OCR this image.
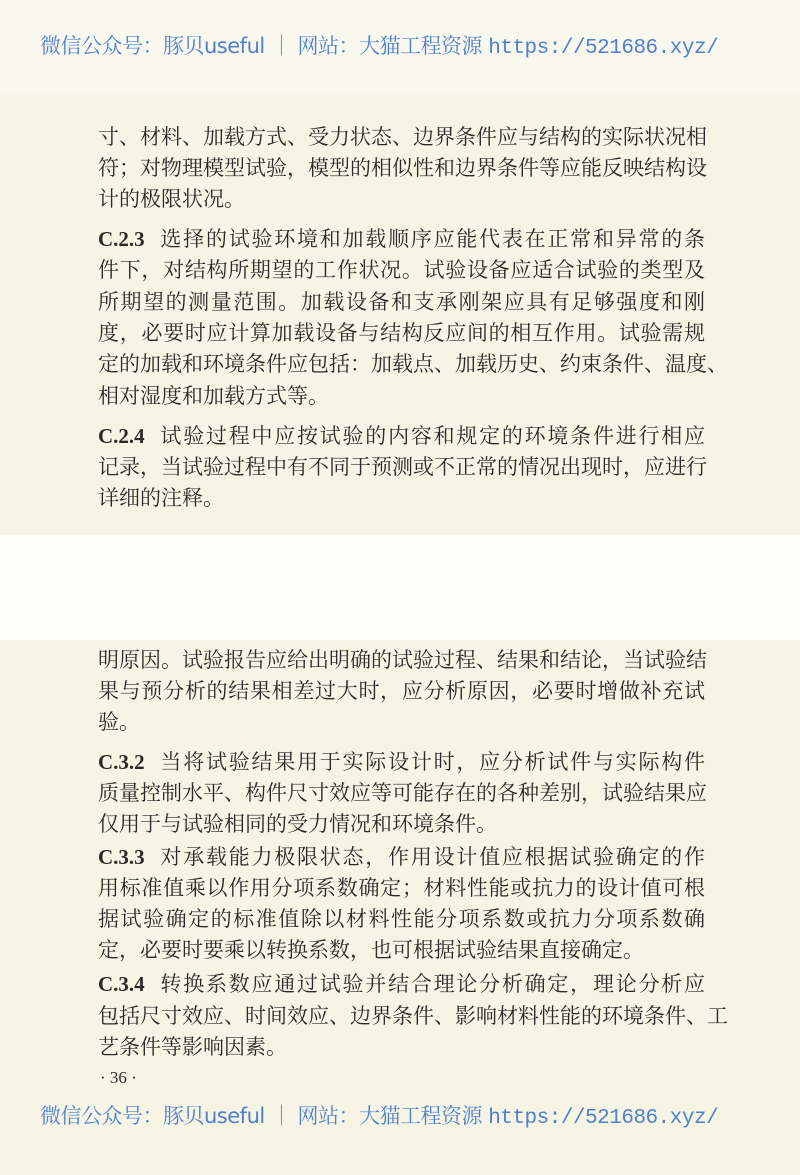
微信公众号：豚贝useful ｜ 网站：大猫工程资源 https://521686.xyz/
寸、材料、加载方式、受力状态、边界条件应与结构的实际状况相
符；对物理模型试验，模型的相似性和边界条件等应能反映结构设
计的极限状况。
C.2.3 选择的试验环境和加载顺序应能代表在正常和异常的条
件下，对结构所期望的工作状况。试验设备应适合试验的类型及
所期望的测量范围。加载设备和支承刚架应具有足够强度和刚
度，必要时应计算加载设备与结构反应间的相互作用。试验需规
定的加载和环境条件应包括：加载点、加载历史、约束条件、温度、
相对湿度和加载方式等。
C.2.4 试验过程中应按试验的内容和规定的环境条件进行相应
记录，当试验过程中有不同于预测或不正常的情况出现时，应进行
详细的注释。
明原因。试验报告应给出明确的试验过程、结果和结论，当试验结
果与预分析的结果相差过大时，应分析原因，必要时增做补充试
验。
C.3.2 当将试验结果用于实际设计时，应分析试件与实际构件
质量控制水平、构件尺寸效应等可能存在的各种差别，试验结果应
仅用于与试验相同的受力情况和环境条件。
C.3.3 对承载能力极限状态，作用设计值应根据试验确定的作
用标准值乘以作用分项系数确定；材料性能或抗力的设计值可根
据试验确定的标准值除以材料性能分项系数或抗力分项系数确
定，必要时要乘以转换系数，也可根据试验结果直接确定。
C.3.4 转换系数应通过试验并结合理论分析确定，理论分析应
包括尺寸效应、时间效应、边界条件、影响材料性能的环境条件、工
艺条件等影响因素。
· 36 ·
微信公众号：豚贝useful ｜ 网站：大猫工程资源 https://521686.xyz/
